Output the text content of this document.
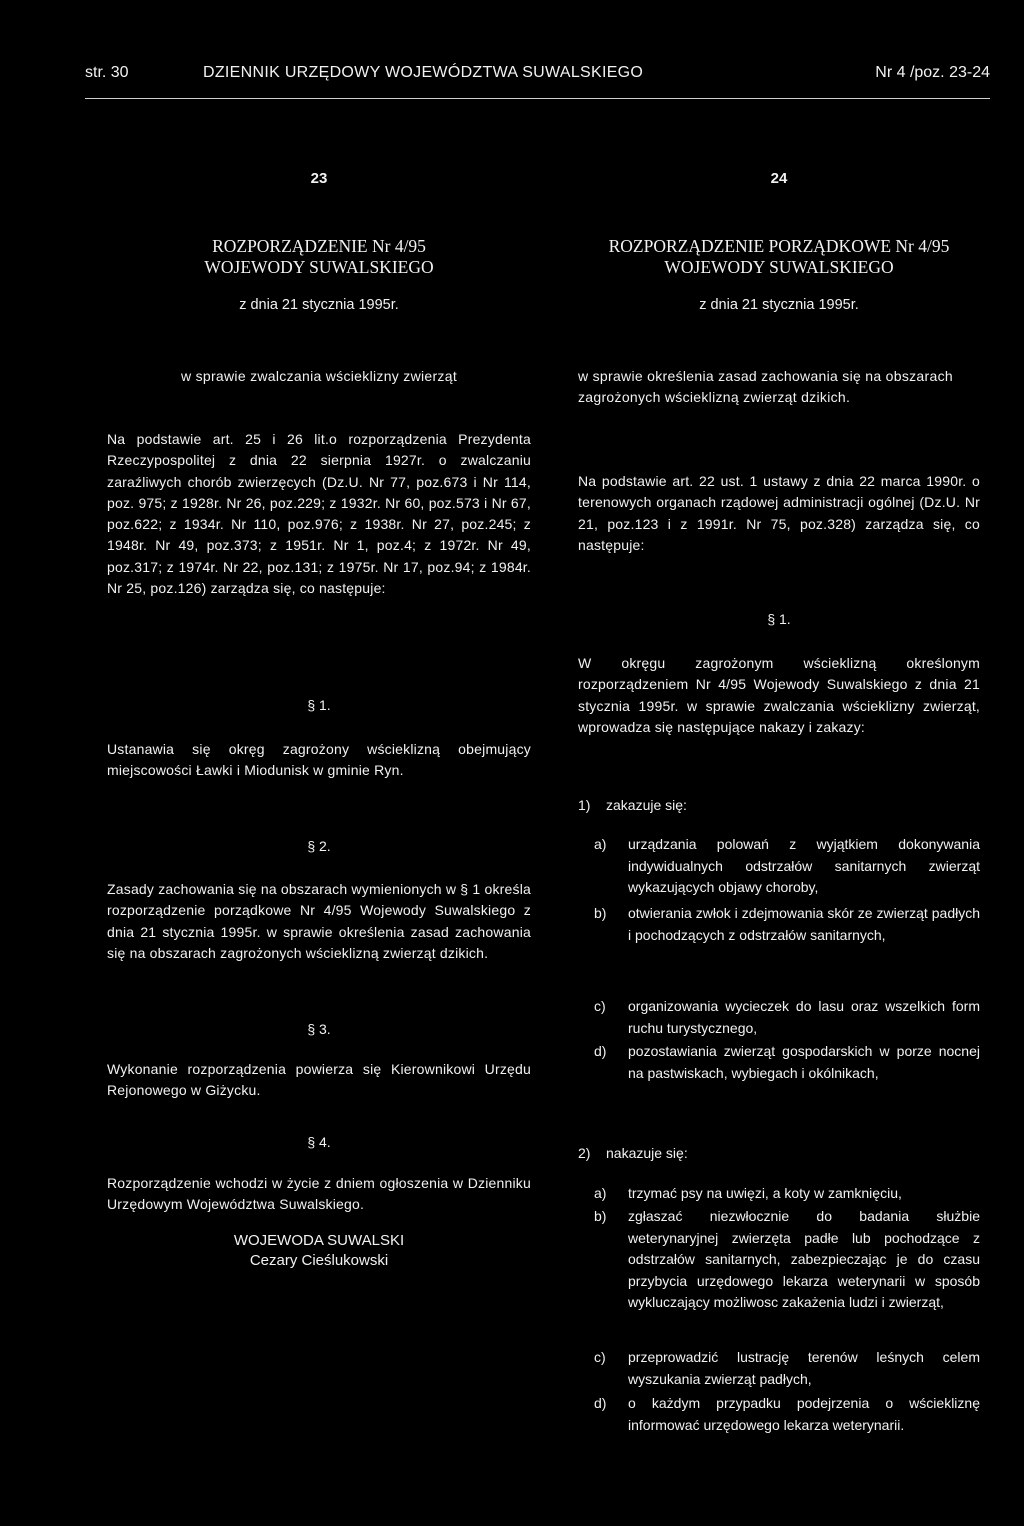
str. 30	DZIENNIK URZĘDOWY WOJEWÓDZTWA SUWALSKIEGO	Nr 4 /poz. 23-24
23
ROZPORZĄDZENIE Nr 4/95
WOJEWODY SUWALSKIEGO
z dnia 21 stycznia 1995r.
w sprawie zwalczania wścieklizny zwierząt
Na podstawie art. 25 i 26 lit.o rozporządzenia Prezydenta Rzeczypospolitej z dnia 22 sierpnia 1927r. o zwalczaniu zaraźliwych chorób zwierzęcych (Dz.U. Nr 77, poz.673 i Nr 114, poz. 975; z 1928r. Nr 26, poz.229; z 1932r. Nr 60, poz.573 i Nr 67, poz.622; z 1934r. Nr 110, poz.976; z 1938r. Nr 27, poz.245; z 1948r. Nr 49, poz.373; z 1951r. Nr 1, poz.4; z 1972r. Nr 49, poz.317; z 1974r. Nr 22, poz.131; z 1975r. Nr 17, poz.94; z 1984r. Nr 25, poz.126) zarządza się, co następuje:
§ 1.
Ustanawia się okręg zagrożony wścieklizną obejmujący miejscowości Ławki i Miodunisk w gminie Ryn.
§ 2.
Zasady zachowania się na obszarach wymienionych w § 1 określa rozporządzenie porządkowe Nr 4/95 Wojewody Suwalskiego z dnia 21 stycznia 1995r. w sprawie określenia zasad zachowania się na obszarach zagrożonych wścieklizną zwierząt dzikich.
§ 3.
Wykonanie rozporządzenia powierza się Kierownikowi Urzędu Rejonowego w Giżycku.
§ 4.
Rozporządzenie wchodzi w życie z dniem ogłoszenia w Dzienniku Urzędowym Województwa Suwalskiego.
WOJEWODA SUWALSKI
Cezary Cieślukowski
24
ROZPORZĄDZENIE PORZĄDKOWE Nr 4/95
WOJEWODY SUWALSKIEGO
z dnia 21 stycznia 1995r.
w sprawie określenia zasad zachowania się na obszarach zagrożonych wścieklizną zwierząt dzikich.
Na podstawie art. 22 ust. 1 ustawy z dnia 22 marca 1990r. o terenowych organach rządowej administracji ogólnej (Dz.U. Nr 21, poz.123 i z 1991r. Nr 75, poz.328) zarządza się, co następuje:
§ 1.
W okręgu zagrożonym wścieklizną określonym rozporządzeniem Nr 4/95 Wojewody Suwalskiego z dnia 21 stycznia 1995r. w sprawie zwalczania wścieklizny zwierząt, wprowadza się następujące nakazy i zakazy:
1) zakazuje się:
a) urządzania polowań z wyjątkiem dokonywania indywidualnych odstrzałów sanitarnych zwierząt wykazujących objawy choroby,
b) otwierania zwłok i zdejmowania skór ze zwierząt padłych i pochodzących z odstrzałów sanitarnych,
c) organizowania wycieczek do lasu oraz wszelkich form ruchu turystycznego,
d) pozostawiania zwierząt gospodarskich w porze nocnej na pastwiskach, wybiegach i okólnikach,
2) nakazuje się:
a) trzymać psy na uwięzi, a koty w zamknięciu,
b) zgłaszać niezwłocznie do badania służbie weterynaryjnej zwierzęta padłe lub pochodzące z odstrzałów sanitarnych, zabezpieczając je do czasu przybycia urzędowego lekarza weterynarii w sposób wykluczający możliwosc zakażenia ludzi i zwierząt,
c) przeprowadzić lustrację terenów leśnych celem wyszukania zwierząt padłych,
d) o każdym przypadku podejrzenia o wściekliznę informować urzędowego lekarza weterynarii.
